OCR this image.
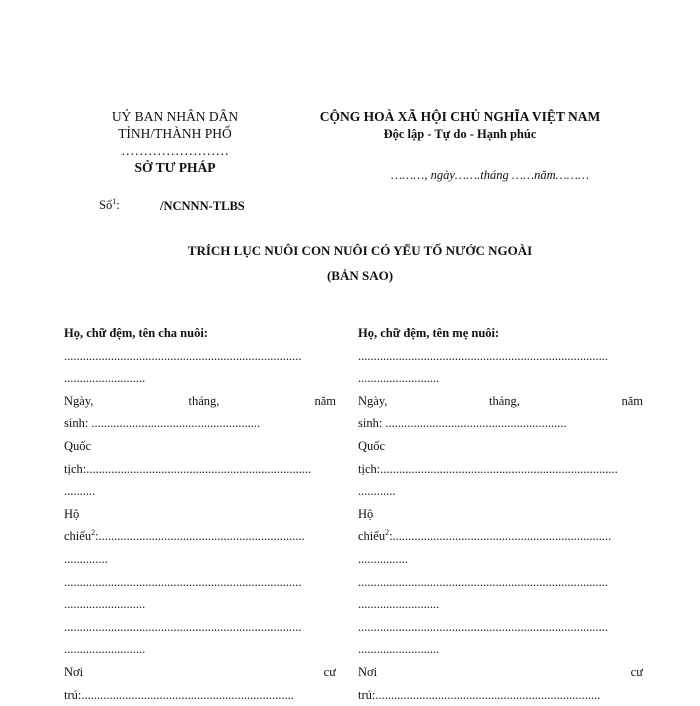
UỶ BAN NHÂN DÂN
TỈNH/THÀNH PHỐ
……………………
SỞ TƯ PHÁP
CỘNG HOÀ XÃ HỘI CHỦ NGHĨA VIỆT NAM
Độc lập - Tự do - Hạnh phúc
………, ngày…….tháng ……năm………
Số$^1$:	/NCNNN-TLBS
TRÍCH LỤC NUÔI CON NUÔI CÓ YẾU TỐ NƯỚC NGOÀI
(BẢN SAO)
Họ, chữ đệm, tên cha nuôi:
............................................................................
..........................
Ngày,	tháng,	năm
sinh: ......................................................
Quốc
tịch:........................................................................
..........
Hộ
chiếu$^2$:..................................................................
..............
............................................................................
..........................
............................................................................
..........................
Nơi	cư
trú:....................................................................
Họ, chữ đệm, tên mẹ nuôi:
................................................................................
..........................
Ngày,	tháng,	năm
sinh: ..........................................................
Quốc
tịch:............................................................................
............
Hộ
chiếu$^2$:......................................................................
................
................................................................................
..........................
................................................................................
..........................
Nơi	cư
trú:........................................................................
